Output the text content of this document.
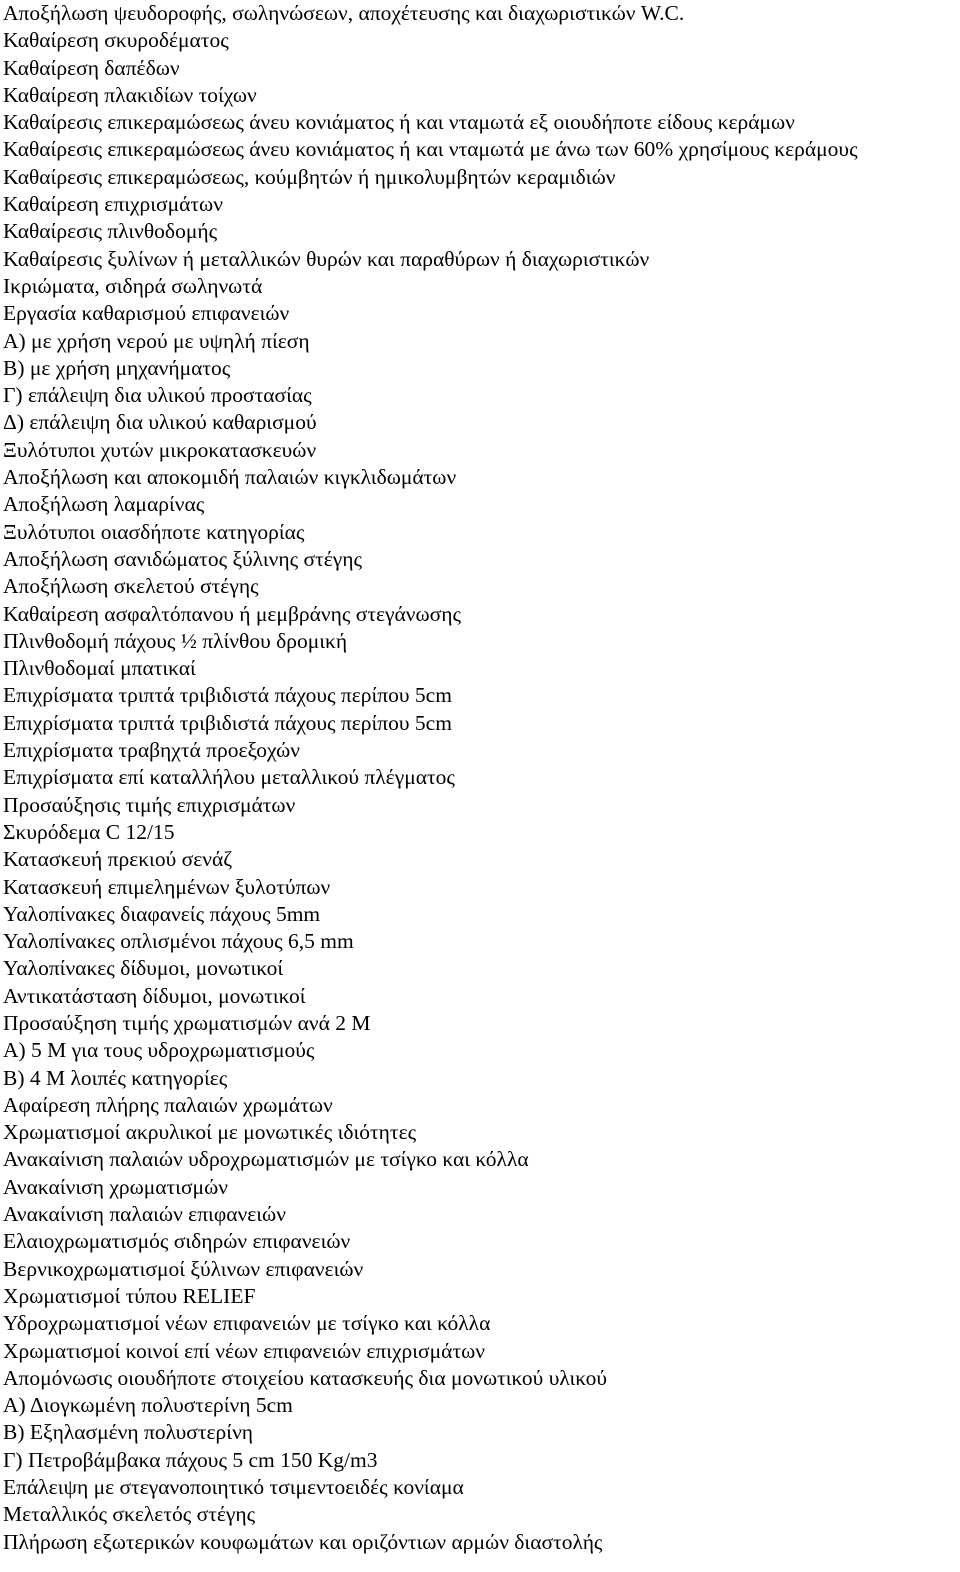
Αποξήλωση ψευδοροφής, σωληνώσεων, αποχέτευσης και διαχωριστικών W.C.
Καθαίρεση σκυροδέματος
Καθαίρεση δαπέδων
Καθαίρεση πλακιδίων τοίχων
Καθαίρεσις επικεραμώσεως άνευ κονιάματος ή και νταμωτά εξ οιουδήποτε είδους κεράμων
Καθαίρεσις επικεραμώσεως άνευ κονιάματος ή και νταμωτά με άνω των 60% χρησίμους κεράμους
Καθαίρεσις επικεραμώσεως, κούμβητών ή ημικολυμβητών κεραμιδιών
Καθαίρεση επιχρισμάτων
Καθαίρεσις πλινθοδομής
Καθαίρεσις ξυλίνων ή μεταλλικών θυρών και παραθύρων ή διαχωριστικών
Ικριώματα, σιδηρά σωληνωτά
Εργασία καθαρισμού επιφανειών
Α) με χρήση νερού με υψηλή πίεση
Β) με χρήση μηχανήματος
Γ) επάλειψη δια υλικού προστασίας
Δ) επάλειψη δια υλικού καθαρισμού
Ξυλότυποι χυτών μικροκατασκευών
Αποξήλωση και αποκομιδή παλαιών κιγκλιδωμάτων
Αποξήλωση λαμαρίνας
Ξυλότυποι οιασδήποτε κατηγορίας
Αποξήλωση σανιδώματος ξύλινης στέγης
Αποξήλωση σκελετού στέγης
Καθαίρεση ασφαλτόπανου ή μεμβράνης στεγάνωσης
Πλινθοδομή πάχους ½ πλίνθου δρομική
Πλινθοδομαί μπατικαί
Επιχρίσματα τριπτά τριβιδιστά πάχους περίπου 5cm
Επιχρίσματα τριπτά τριβιδιστά πάχους περίπου 5cm
Επιχρίσματα τραβηχτά προεξοχών
Επιχρίσματα επί καταλλήλου μεταλλικού πλέγματος
Προσαύξησις τιμής επιχρισμάτων
Σκυρόδεμα C 12/15
Κατασκευή πρεκιού σενάζ
Κατασκευή επιμελημένων ξυλοτύπων
Υαλοπίνακες διαφανείς πάχους 5mm
Υαλοπίνακες οπλισμένοι πάχους 6,5 mm
Υαλοπίνακες δίδυμοι, μονωτικοί
Αντικατάσταση δίδυμοι, μονωτικοί
Προσαύξηση τιμής χρωματισμών ανά 2 Μ
Α) 5 Μ για τους υδροχρωματισμούς
Β) 4 Μ λοιπές κατηγορίες
Αφαίρεση πλήρης παλαιών χρωμάτων
Χρωματισμοί ακρυλικοί με μονωτικές ιδιότητες
Ανακαίνιση παλαιών υδροχρωματισμών με τσίγκο και κόλλα
Ανακαίνιση χρωματισμών
Ανακαίνιση παλαιών επιφανειών
Ελαιοχρωματισμός σιδηρών επιφανειών
Βερνικοχρωματισμοί ξύλινων επιφανειών
Χρωματισμοί τύπου RELIEF
Υδροχρωματισμοί νέων επιφανειών με τσίγκο και κόλλα
Χρωματισμοί κοινοί επί νέων επιφανειών επιχρισμάτων
Απομόνωσις οιουδήποτε στοιχείου κατασκευής δια μονωτικού υλικού
Α) Διογκωμένη πολυστερίνη 5cm
Β) Εξηλασμένη πολυστερίνη
Γ) Πετροβάμβακα πάχους 5 cm 150 Kg/m3
Επάλειψη με στεγανοποιητικό τσιμεντοειδές κονίαμα
Μεταλλικός σκελετός στέγης
Πλήρωση εξωτερικών κουφωμάτων και οριζόντιων αρμών διαστολής
